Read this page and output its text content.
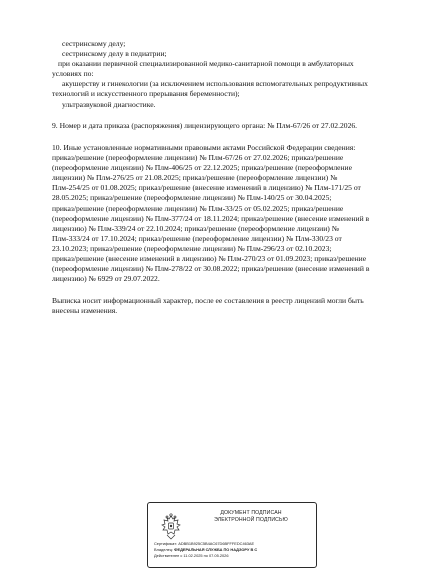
сестринскому делу;
сестринскому делу в педиатрии;
при оказании первичной специализированной медико-санитарной помощи в амбулаторных
условиях по:
акушерству и гинекологии (за исключением использования вспомогательных репродуктивных
технологий и искусственного прерывания беременности);
ультразвуковой диагностике.
9. Номер и дата приказа (распоряжения) лицензирующего органа: № Плм-67/26 от 27.02.2026.
10. Иные установленные нормативными правовыми актами Российской Федерации сведения:
приказ/решение (переоформление лицензии) № Плм-67/26 от 27.02.2026; приказ/решение
(переоформление лицензии) № Плм-406/25 от 22.12.2025; приказ/решение (переоформление
лицензии) № Плм-276/25 от 21.08.2025; приказ/решение (переоформление лицензии) №
Плм-254/25 от 01.08.2025; приказ/решение (внесение изменений в лицензию) № Плм-171/25 от
28.05.2025; приказ/решение (переоформление лицензии) № Плм-140/25 от 30.04.2025;
приказ/решение (переоформление лицензии) № Плм-33/25 от 05.02.2025; приказ/решение
(переоформление лицензии) № Плм-377/24 от 18.11.2024; приказ/решение (внесение изменений в
лицензию) № Плм-339/24 от 22.10.2024; приказ/решение (переоформление лицензии) №
Плм-333/24 от 17.10.2024; приказ/решение (переоформление лицензии) № Плм-330/23 от
23.10.2023; приказ/решение (переоформление лицензии) № Плм-296/23 от 02.10.2023;
приказ/решение (внесение изменений в лицензию) № Плм-270/23 от 01.09.2023; приказ/решение
(переоформление лицензии) № Плм-278/22 от 30.08.2022; приказ/решение (внесение изменений в
лицензию) № 6929 от 29.07.2022.
Выписка носит информационный характер, после ее составления в реестр лицензий могли быть
внесены изменения.
ДОКУМЕНТ ПОДПИСАН
ЭЛЕКТРОННОЙ ПОДПИСЬЮ
Сертификат: ADBB1B925C5B4AC67D6BFFFEDC463AE
Владелец: ФЕДЕРАЛЬНАЯ СЛУЖБА ПО НАДЗОРУ В С
Действителен с 11.02.2025 по 07.05.2026
